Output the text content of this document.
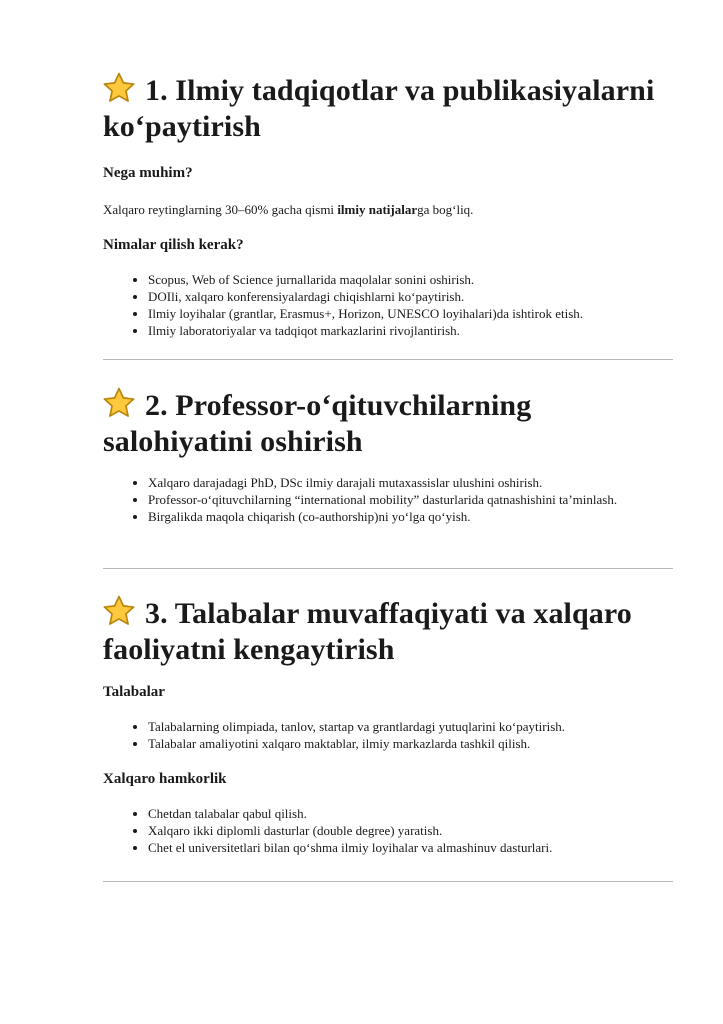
1. Ilmiy tadqiqotlar va publikasiyalarni ko‘paytirish
Nega muhim?

Xalqaro reytinglarning 30–60% gacha qismi ilmiy natijalarga bog‘liq.

Nimalar qilish kerak?
• Scopus, Web of Science jurnallarida maqolalar sonini oshirish.
• DOIli, xalqaro konferensiyalardagi chiqishlarni ko‘paytirish.
• Ilmiy loyihalar (grantlar, Erasmus+, Horizon, UNESCO loyihalari)da ishtirok etish.
• Ilmiy laboratoriyalar va tadqiqot markazlarini rivojlantirish.
2. Professor-o‘qituvchilarning salohiyatini oshirish
• Xalqaro darajadagi PhD, DSc ilmiy darajali mutaxassislar ulushini oshirish.
• Professor-o‘qituvchilarning “international mobility” dasturlarida qatnashishini ta’minlash.
• Birgalikda maqola chiqarish (co-authorship)ni yo‘lga qo‘yish.
3. Talabalar muvaffaqiyati va xalqaro faoliyatni kengaytirish
Talabalar
• Talabalarning olimpiada, tanlov, startap va grantlardagi yutuqlarini ko‘paytirish.
• Talabalar amaliyotini xalqaro maktablar, ilmiy markazlarda tashkil qilish.
Xalqaro hamkorlik
• Chetdan talabalar qabul qilish.
• Xalqaro ikki diplomli dasturlar (double degree) yaratish.
• Chet el universitetlari bilan qo‘shma ilmiy loyihalar va almashinuv dasturlari.
